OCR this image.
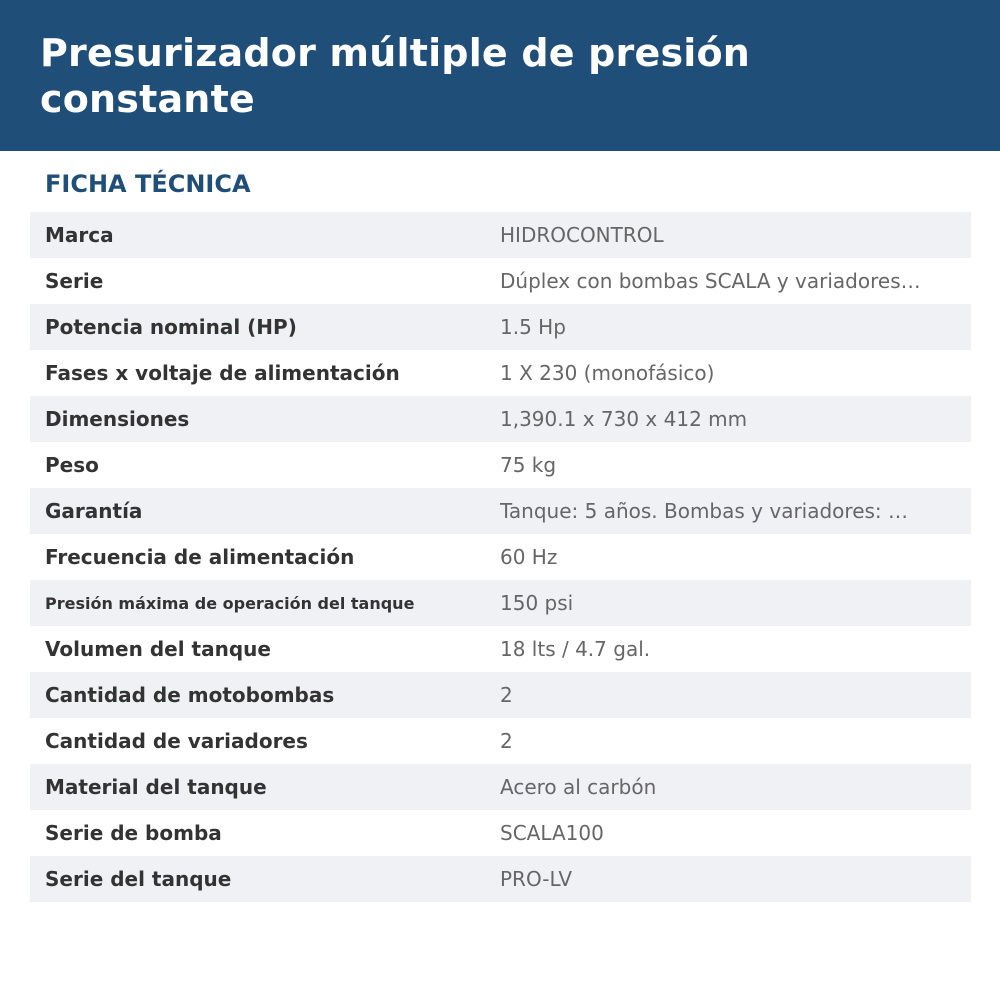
Presurizador múltiple de presión constante
FICHA TÉCNICA
Marca	HIDROCONTROL
Serie	Dúplex con bombas SCALA y variadores…
Potencia nominal (HP)	1.5 Hp
Fases x voltaje de alimentación	1 X 230 (monofásico)
Dimensiones	1,390.1 x 730 x 412 mm
Peso	75 kg
Garantía	Tanque: 5 años. Bombas y variadores: …
Frecuencia de alimentación	60 Hz
Presión máxima de operación del tanque	150 psi
Volumen del tanque	18 lts / 4.7 gal.
Cantidad de motobombas	2
Cantidad de variadores	2
Material del tanque	Acero al carbón
Serie de bomba	SCALA100
Serie del tanque	PRO-LV
